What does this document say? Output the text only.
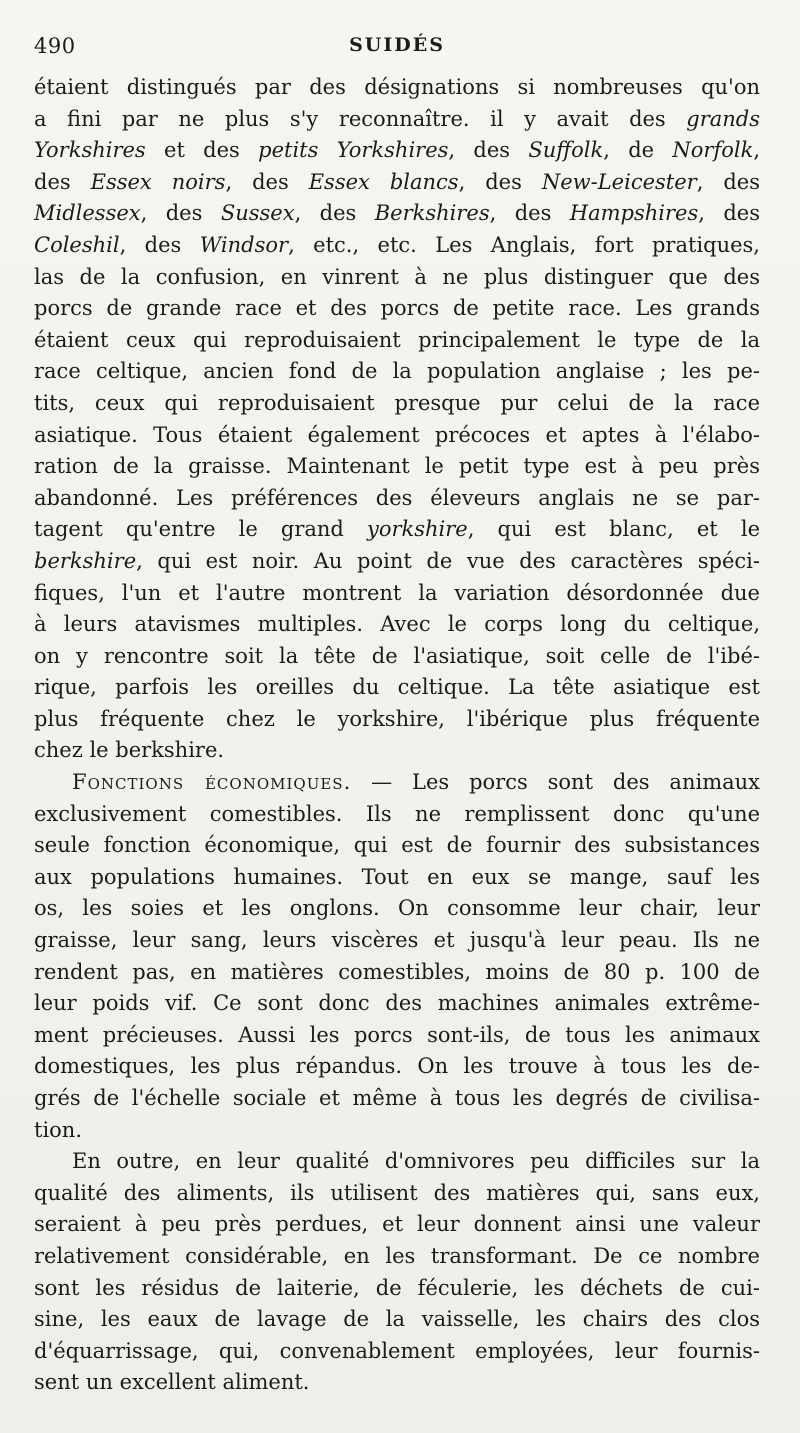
490	SUIDÉS
étaient distingués par des désignations si nombreuses qu'on
a fini par ne plus s'y reconnaître. il y avait des grands
Yorkshires et des petits Yorkshires, des Suffolk, de Norfolk,
des Essex noirs, des Essex blancs, des New-Leicester, des
Midlessex, des Sussex, des Berkshires, des Hampshires, des
Coleshil, des Windsor, etc., etc. Les Anglais, fort pratiques,
las de la confusion, en vinrent à ne plus distinguer que des
porcs de grande race et des porcs de petite race. Les grands
étaient ceux qui reproduisaient principalement le type de la
race celtique, ancien fond de la population anglaise ; les pe-
tits, ceux qui reproduisaient presque pur celui de la race
asiatique. Tous étaient également précoces et aptes à l'élabo-
ration de la graisse. Maintenant le petit type est à peu près
abandonné. Les préférences des éleveurs anglais ne se par-
tagent qu'entre le grand yorkshire, qui est blanc, et le
berkshire, qui est noir. Au point de vue des caractères spéci-
fiques, l'un et l'autre montrent la variation désordonnée due
à leurs atavismes multiples. Avec le corps long du celtique,
on y rencontre soit la tête de l'asiatique, soit celle de l'ibé-
rique, parfois les oreilles du celtique. La tête asiatique est
plus fréquente chez le yorkshire, l'ibérique plus fréquente
chez le berkshire.
Fonctions économiques. — Les porcs sont des animaux
exclusivement comestibles. Ils ne remplissent donc qu'une
seule fonction économique, qui est de fournir des subsistances
aux populations humaines. Tout en eux se mange, sauf les
os, les soies et les onglons. On consomme leur chair, leur
graisse, leur sang, leurs viscères et jusqu'à leur peau. Ils ne
rendent pas, en matières comestibles, moins de 80 p. 100 de
leur poids vif. Ce sont donc des machines animales extrême-
ment précieuses. Aussi les porcs sont-ils, de tous les animaux
domestiques, les plus répandus. On les trouve à tous les de-
grés de l'échelle sociale et même à tous les degrés de civilisa-
tion.
En outre, en leur qualité d'omnivores peu difficiles sur la
qualité des aliments, ils utilisent des matières qui, sans eux,
seraient à peu près perdues, et leur donnent ainsi une valeur
relativement considérable, en les transformant. De ce nombre
sont les résidus de laiterie, de féculerie, les déchets de cui-
sine, les eaux de lavage de la vaisselle, les chairs des clos
d'équarrissage, qui, convenablement employées, leur fournis-
sent un excellent aliment.
